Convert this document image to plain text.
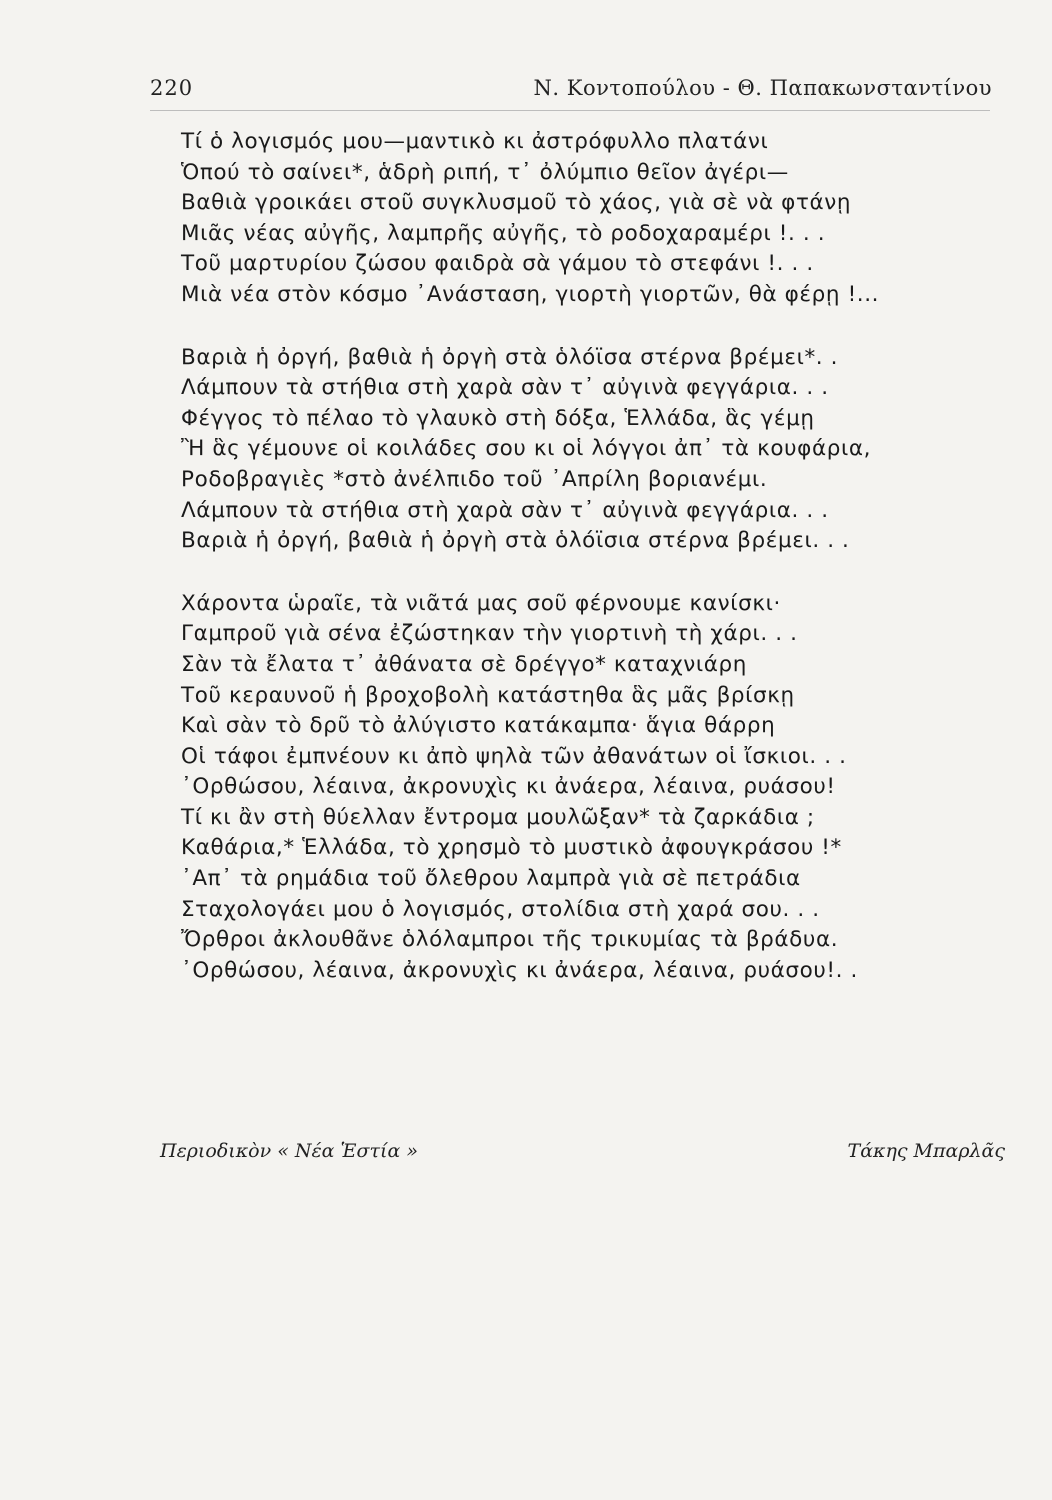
220	Ν. Κοντοπούλου - Θ. Παπακωνσταντίνου
Τί ὁ λογισμός μου—μαντικὸ κι ἀστρόφυλλο πλατάνι
Ὁπού τὸ σαίνει*, ἁδρὴ ριπή, τ᾽ ὀλύμπιο θεῖον ἀγέρι—
Βαθιὰ γροικάει στοῦ συγκλυσμοῦ τὸ χάος, γιὰ σὲ νὰ φτάνῃ
Μιᾶς νέας αὐγῆς, λαμπρῆς αὐγῆς, τὸ ροδοχαραμέρι !. . .
Τοῦ μαρτυρίου ζώσου φαιδρὰ σὰ γάμου τὸ στεφάνι !. . .
Μιὰ νέα στὸν κόσμο ᾽Ανάσταση, γιορτὴ γιορτῶν, θὰ φέρῃ !...
Βαριὰ ἡ ὀργή, βαθιὰ ἡ ὀργὴ στὰ ὁλόϊσα στέρνα βρέμει*. .
Λάμπουν τὰ στήθια στὴ χαρὰ σὰν τ᾽ αὐγινὰ φεγγάρια. . .
Φέγγος τὸ πέλαο τὸ γλαυκὸ στὴ δόξα, Ἑλλάδα, ἃς γέμῃ
Ἢ ἃς γέμουνε οἱ κοιλάδες σου κι οἱ λόγγοι ἀπ᾽ τὰ κουφάρια,
Ροδοβραγιὲς *στὸ ἀνέλπιδο τοῦ ᾽Απρίλη βοριανέμι.
Λάμπουν τὰ στήθια στὴ χαρὰ σὰν τ᾽ αὐγινὰ φεγγάρια. . .
Βαριὰ ἡ ὀργή, βαθιὰ ἡ ὀργὴ στὰ ὁλόϊσια στέρνα βρέμει. . .
Χάροντα ὡραῖε, τὰ νιᾶτά μας σοῦ φέρνουμε κανίσκι·
Γαμπροῦ γιὰ σένα ἐζώστηκαν τὴν γιορτινὴ τὴ χάρι. . .
Σὰν τὰ ἔλατα τ᾽ ἀθάνατα σὲ δρέγγο* καταχνιάρη
Τοῦ κεραυνοῦ ἡ βροχοβολὴ κατάστηθα ἃς μᾶς βρίσκῃ
Καὶ σὰν τὸ δρῦ τὸ ἀλύγιστο κατάκαμπα· ἅγια θάρρη
Οἱ τάφοι ἐμπνέουν κι ἀπὸ ψηλὰ τῶν ἀθανάτων οἱ ἴσκιοι. . .
᾽Ορθώσου, λέαινα, ἀκρονυχὶς κι ἀνάερα, λέαινα, ρυάσου!
Τί κι ἂν στὴ θύελλαν ἔντρομα μουλῶξαν* τὰ ζαρκάδια ;
Καθάρια,* Ἑλλάδα, τὸ χρησμὸ τὸ μυστικὸ ἀφουγκράσου !*
᾽Απ᾽ τὰ ρημάδια τοῦ ὄλεθρου λαμπρὰ γιὰ σὲ πετράδια
Σταχολογάει μου ὁ λογισμός, στολίδια στὴ χαρά σου. . .
Ὄρθροι ἀκλουθᾶνε ὁλόλαμπροι τῆς τρικυμίας τὰ βράδυα.
᾽Ορθώσου, λέαινα, ἀκρονυχὶς κι ἀνάερα, λέαινα, ρυάσου!. .
Περιοδικὸν « Νέα Ἑστία »	Τάκης Μπαρλᾶς
